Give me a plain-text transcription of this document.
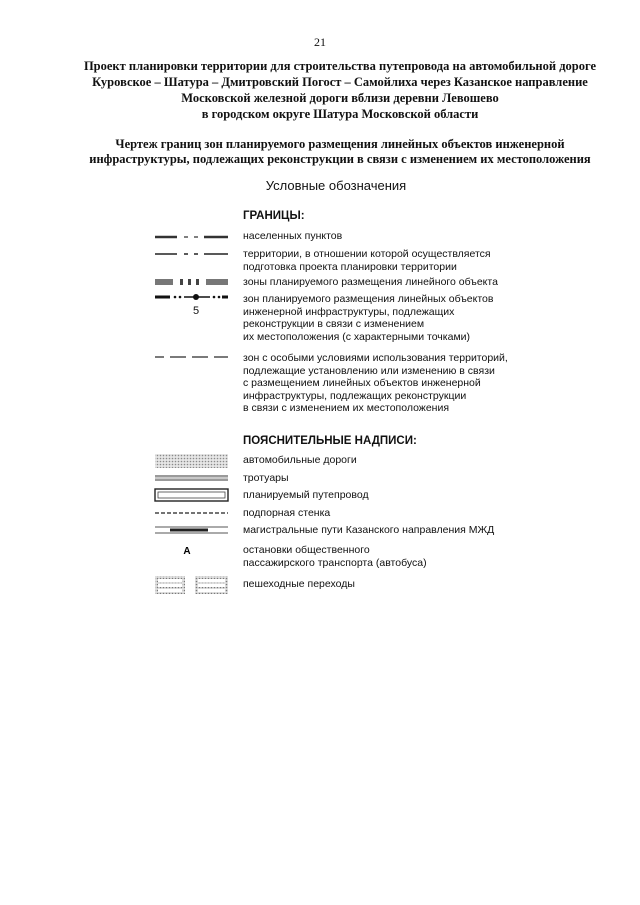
21
Проект планировки территории для строительства путепровода на автомобильной дороге
Куровское – Шатура – Дмитровский Погост – Самойлиха через Казанское направление
Московской железной дороги вблизи деревни Левошево
в городском округе Шатура Московской области
Чертеж границ зон планируемого размещения линейных объектов инженерной
инфраструктуры, подлежащих реконструкции в связи с изменением их местоположения
Условные обозначения
ГРАНИЦЫ:
населенных пунктов
территории, в отношении которой осуществляется
подготовка проекта планировки территории
зоны планируемого размещения линейного объекта
5
зон планируемого размещения линейных объектов
инженерной инфраструктуры, подлежащих
реконструкции в связи с изменением
их местоположения (с характерными точками)
зон с особыми условиями использования территорий,
подлежащие установлению или изменению в связи
с размещением линейных объектов инженерной
инфраструктуры, подлежащих реконструкции
в связи с изменением их местоположения
ПОЯСНИТЕЛЬНЫЕ НАДПИСИ:
автомобильные дороги
тротуары
планируемый путепровод
подпорная стенка
магистральные пути Казанского направления МЖД
А	остановки общественного
пассажирского транспорта (автобуса)
пешеходные переходы
